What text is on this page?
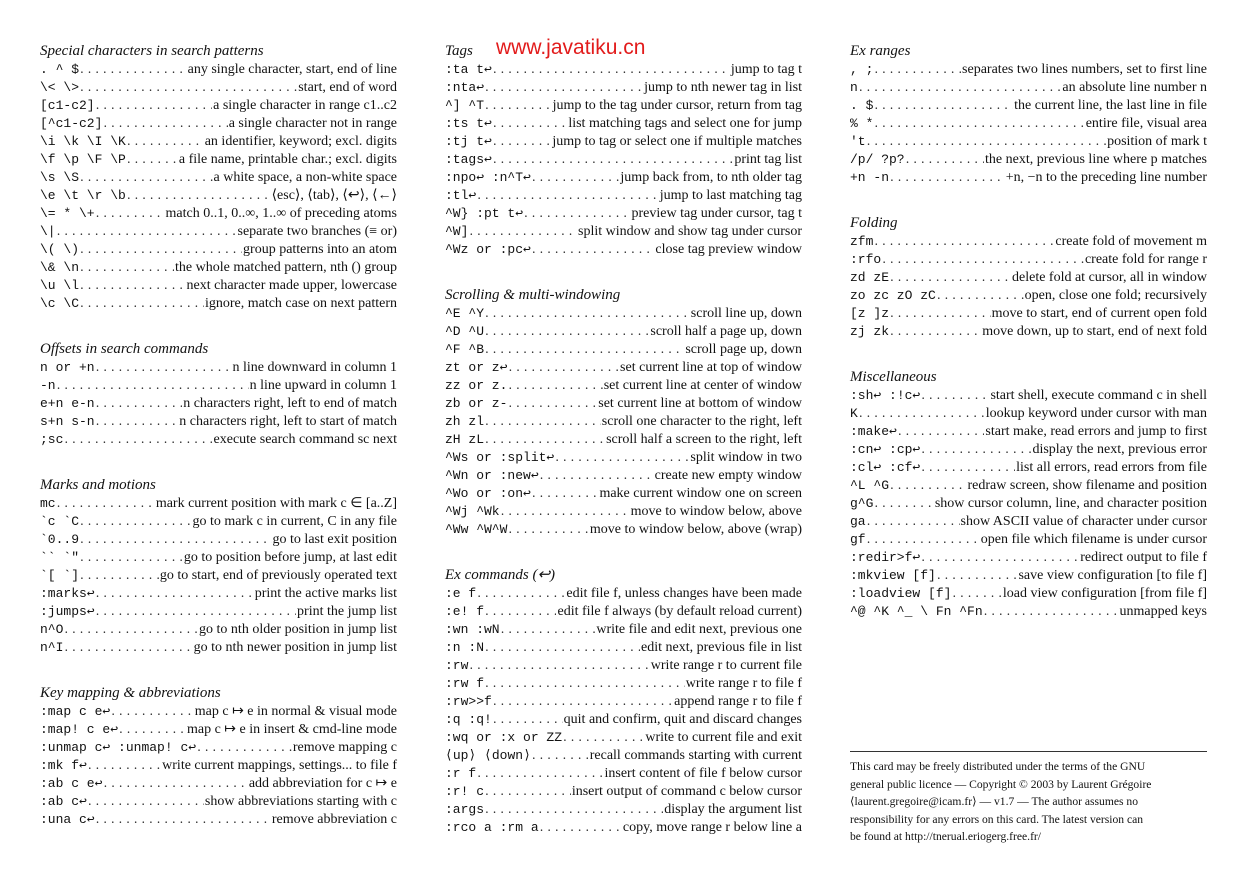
www.javatiku.cn
Special characters in search patterns
. ^ $ . . .	any single character, start, end of line
\< \> . . .	start, end of word
[c1-c2] . . .	a single character in range c1..c2
[^c1-c2] . . .	a single character not in range
\i \k \I \K . . .	an identifier, keyword; excl. digits
\f \p \F \P . . .	a file name, printable char.; excl. digits
\s \S . . .	a white space, a non-white space
\e \t \r \b . . .	⟨esc⟩, ⟨tab⟩, ⟨↩⟩, ⟨←⟩
\= * \+ . . .	match 0..1, 0..∞, 1..∞ of preceding atoms
\| . . .	separate two branches (≡ or)
\( \) . . .	group patterns into an atom
\& \n . . .	the whole matched pattern, nth () group
\u \l . . .	next character made upper, lowercase
\c \C . . .	ignore, match case on next pattern
Offsets in search commands
n or +n . . .	n line downward in column 1
-n . . .	n line upward in column 1
e+n e-n . . .	n characters right, left to end of match
s+n s-n . . .	n characters right, left to start of match
;sc . . .	execute search command sc next
Marks and motions
mc . . .	mark current position with mark c ∈ [a..Z]
`c `C . . .	go to mark c in current, C in any file
`0..9 . . .	go to last exit position
`` `" . . .	go to position before jump, at last edit
`[ `] . . .	go to start, end of previously operated text
:marks↩ . . .	print the active marks list
:jumps↩ . . .	print the jump list
n^O . . .	go to nth older position in jump list
n^I . . .	go to nth newer position in jump list
Key mapping & abbreviations
:map c e↩ . . .	map c ↦ e in normal & visual mode
:map! c e↩ . . .	map c ↦ e in insert & cmd-line mode
:unmap c↩ :unmap! c↩ . . .	remove mapping c
:mk f↩ . . .	write current mappings, settings... to file f
:ab c e↩ . . .	add abbreviation for c ↦ e
:ab c↩ . . .	show abbreviations starting with c
:una c↩ . . .	remove abbreviation c
Tags
:ta t↩ . . .	jump to tag t
:nta↩ . . .	jump to nth newer tag in list
^] ^T . . .	jump to the tag under cursor, return from tag
:ts t↩ . . .	list matching tags and select one for jump
:tj t↩ . . .	jump to tag or select one if multiple matches
:tags↩ . . .	print tag list
:npo↩ :n^T↩ . . .	jump back from, to nth older tag
:tl↩ . . .	jump to last matching tag
^W} :pt t↩ . . .	preview tag under cursor, tag t
^W] . . .	split window and show tag under cursor
^Wz or :pc↩ . . .	close tag preview window
Scrolling & multi-windowing
^E ^Y . . .	scroll line up, down
^D ^U . . .	scroll half a page up, down
^F ^B . . .	scroll page up, down
zt or z↩ . . .	set current line at top of window
zz or z. . . .	set current line at center of window
zb or z- . . .	set current line at bottom of window
zh zl . . .	scroll one character to the right, left
zH zL . . .	scroll half a screen to the right, left
^Ws or :split↩ . . .	split window in two
^Wn or :new↩ . . .	create new empty window
^Wo or :on↩ . . .	make current window one on screen
^Wj ^Wk . . .	move to window below, above
^Ww ^W^W . . .	move to window below, above (wrap)
Ex commands (↩)
:e f . . .	edit file f, unless changes have been made
:e! f . . .	edit file f always (by default reload current)
:wn :wN . . .	write file and edit next, previous one
:n :N . . .	edit next, previous file in list
:rw . . .	write range r to current file
:rw f . . .	write range r to file f
:rw>>f . . .	append range r to file f
:q :q! . . .	quit and confirm, quit and discard changes
:wq or :x or ZZ . . .	write to current file and exit
⟨up⟩ ⟨down⟩ . . .	recall commands starting with current
:r f . . .	insert content of file f below cursor
:r! c . . .	insert output of command c below cursor
:args . . .	display the argument list
:rco a :rm a . . .	copy, move range r below line a
Ex ranges
, ; . . .	separates two lines numbers, set to first line
n . . .	an absolute line number n
. $ . . .	the current line, the last line in file
% * . . .	entire file, visual area
't . . .	position of mark t
/p/ ?p? . . .	the next, previous line where p matches
+n -n . . .	+n, −n to the preceding line number
Folding
zfm . . .	create fold of movement m
:rfo . . .	create fold for range r
zd zE . . .	delete fold at cursor, all in window
zo zc zO zC . . .	open, close one fold; recursively
[z ]z . . .	move to start, end of current open fold
zj zk . . .	move down, up to start, end of next fold
Miscellaneous
:sh↩ :!c↩ . . .	start shell, execute command c in shell
K . . .	lookup keyword under cursor with man
:make↩ . . .	start make, read errors and jump to first
:cn↩ :cp↩ . . .	display the next, previous error
:cl↩ :cf↩ . . .	list all errors, read errors from file
^L ^G . . .	redraw screen, show filename and position
g^G . . .	show cursor column, line, and character position
ga . . .	show ASCII value of character under cursor
gf . . .	open file which filename is under cursor
:redir>f↩ . . .	redirect output to file f
:mkview [f] . . .	save view configuration [to file f]
:loadview [f] . . .	load view configuration [from file f]
^@ ^K ^_ \ Fn ^Fn . . .	unmapped keys

This card may be freely distributed under the terms of the GNU

general public licence — Copyright © 2003 by Laurent Grégoire

⟨laurent.gregoire@icam.fr⟩ — v1.7 — The author assumes no

responsibility for any errors on this card. The latest version can

be found at http://tnerual.eriogerg.free.fr/
